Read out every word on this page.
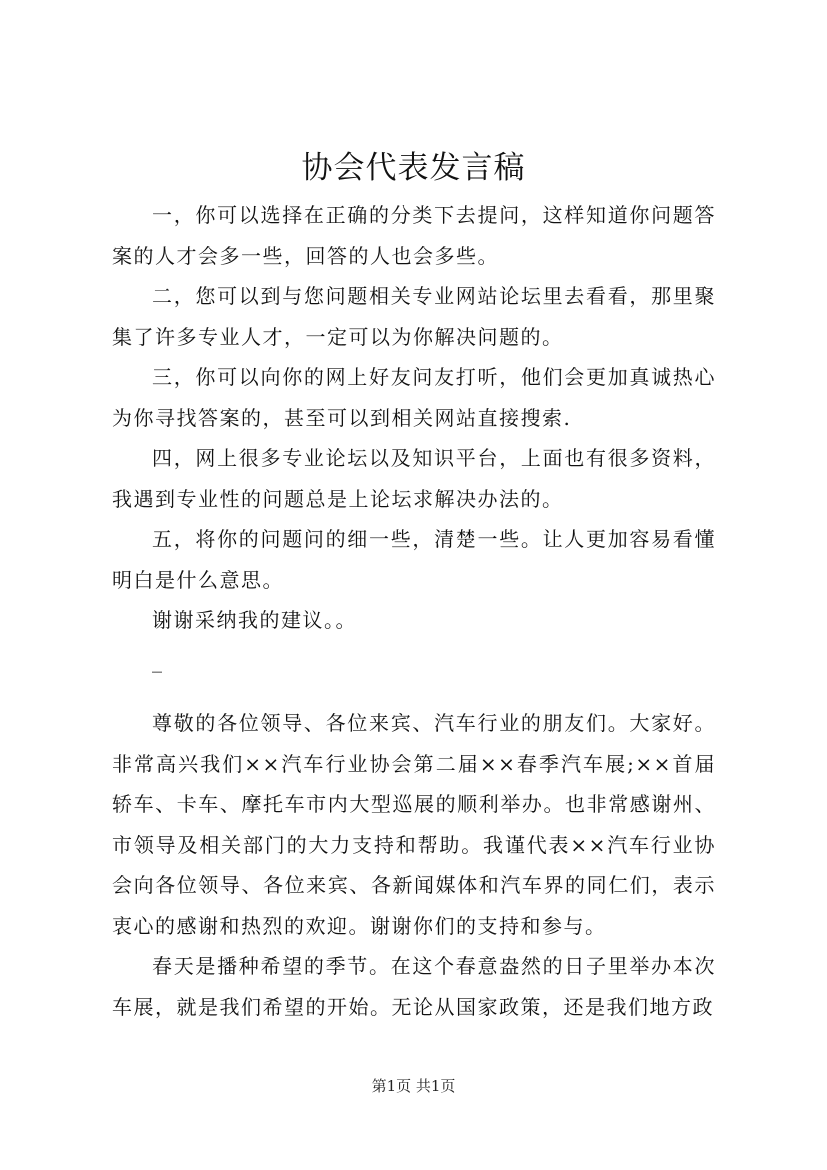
协会代表发言稿

一，你可以选择在正确的分类下去提问，这样知道你问题答案的人才会多一些，回答的人也会多些。

二，您可以到与您问题相关专业网站论坛里去看看，那里聚集了许多专业人才，一定可以为你解决问题的。

三，你可以向你的网上好友问友打听，他们会更加真诚热心为你寻找答案的，甚至可以到相关网站直接搜索.

四，网上很多专业论坛以及知识平台，上面也有很多资料，我遇到专业性的问题总是上论坛求解决办法的。

五，将你的问题问的细一些，清楚一些。让人更加容易看懂明白是什么意思。

谢谢采纳我的建议。。

_

尊敬的各位领导、各位来宾、汽车行业的朋友们。大家好。非常高兴我们××汽车行业协会第二届××春季汽车展;××首届轿车、卡车、摩托车市内大型巡展的顺利举办。也非常感谢州、市领导及相关部门的大力支持和帮助。我谨代表××汽车行业协会向各位领导、各位来宾、各新闻媒体和汽车界的同仁们，表示衷心的感谢和热烈的欢迎。谢谢你们的支持和参与。

春天是播种希望的季节。在这个春意盎然的日子里举办本次车展，就是我们希望的开始。无论从国家政策，还是我们地方政

第1页 共1页
